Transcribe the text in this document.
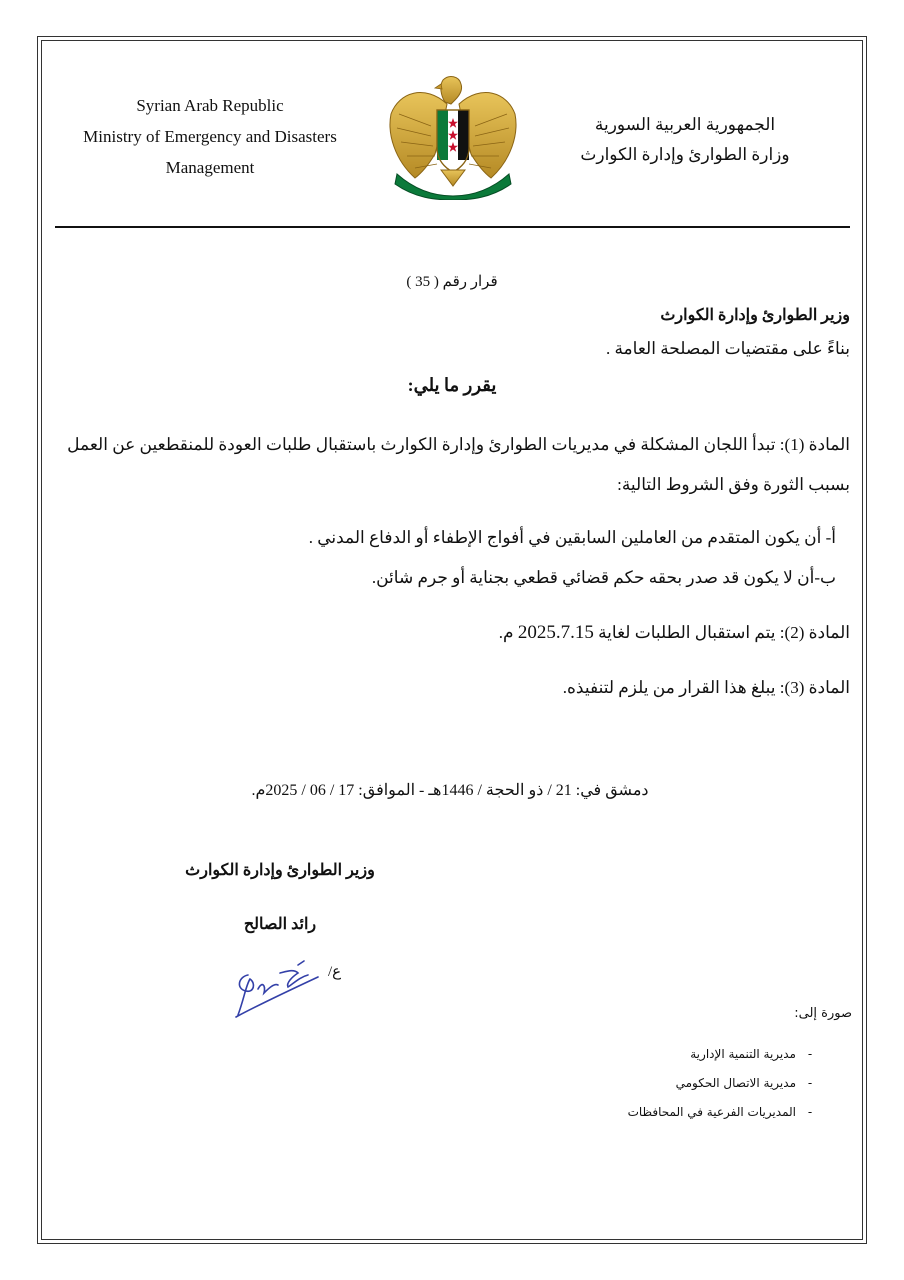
Syrian Arab Republic
Ministry of Emergency and Disasters
Management
الجمهورية العربية السورية
وزارة الطوارئ وإدارة الكوارث
قرار رقم ( 35 )
وزير الطوارئ وإدارة الكوارث
بناءً على مقتضيات المصلحة العامة .
يقرر ما يلي:
المادة (1): تبدأ اللجان المشكلة في مديريات الطوارئ وإدارة الكوارث باستقبال طلبات العودة للمنقطعين عن العمل بسبب الثورة وفق الشروط التالية:
أ- أن يكون المتقدم من العاملين السابقين في أفواج الإطفاء أو الدفاع المدني .
ب-أن لا يكون قد صدر بحقه حكم قضائي قطعي بجناية أو جرم شائن.
المادة (2): يتم استقبال الطلبات لغاية 2025.7.15 م.
المادة (3): يبلغ هذا القرار من يلزم لتنفيذه.
دمشق في: 21 / ذو الحجة / 1446هـ - الموافق: 17 / 06 / 2025م.
وزير الطوارئ وإدارة الكوارث
رائد الصالح
ع/
صورة إلى:
-
مديرية التنمية الإدارية
-
مديرية الاتصال الحكومي
-
المديريات الفرعية في المحافظات
